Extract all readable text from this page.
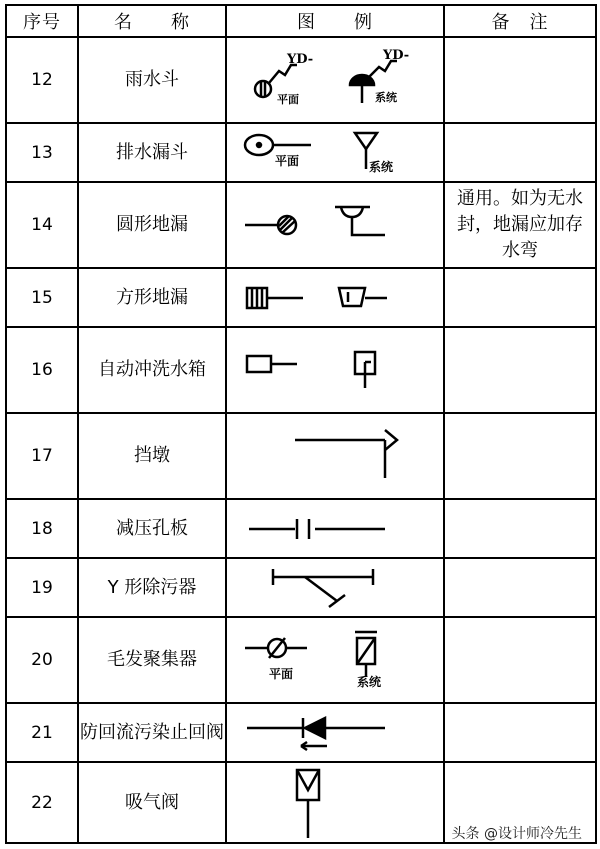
序号	名　　称	图　　例	备　注
12	雨水斗	YD-
平面
YD-
系统	

13	排水漏斗	平面 系统	

14	圆形地漏		通用。如为无水封，地漏应加存水弯
15	方形地漏	

16	自动冲洗水箱	

17	挡墩	

18	减压孔板	

19	Y 形除污器	

20	毛发聚集器	平面
系统	

21	防回流污染止回阀	

22	吸气阀	

头条 @设计师冷先生
